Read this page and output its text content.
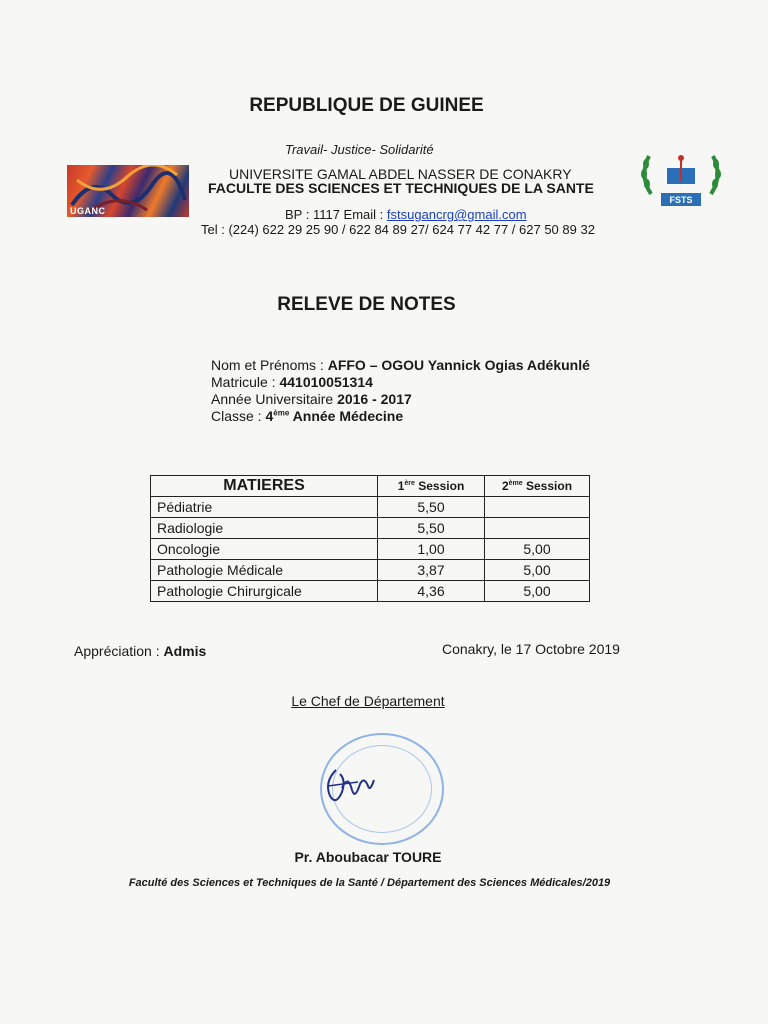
REPUBLIQUE DE GUINEE
Travail- Justice- Solidarité
UGANC
UNIVERSITE GAMAL ABDEL NASSER DE CONAKRY
FACULTE DES SCIENCES ET TECHNIQUES DE LA SANTE
BP : 1117 Email : fstsugancrg@gmail.com
Tel : (224) 622 29 25 90 / 622 84 89 27/ 624 77 42 77 / 627 50 89 32
FSTS
RELEVE DE NOTES
Nom et Prénoms : AFFO – OGOU Yannick Ogias Adékunlé
Matricule : 441010051314
Année Universitaire 2016 - 2017
Classe : 4ème Année Médecine
MATIERES	1ère Session	2ème Session
Pédiatrie	5,50	
Radiologie	5,50	
Oncologie	1,00	5,00
Pathologie Médicale	3,87	5,00
Pathologie Chirurgicale	4,36	5,00
Appréciation : Admis	Conakry, le 17 Octobre 2019
Le Chef de Département
Pr. Aboubacar TOURE
Faculté des Sciences et Techniques de la Santé / Département des Sciences Médicales/2019
